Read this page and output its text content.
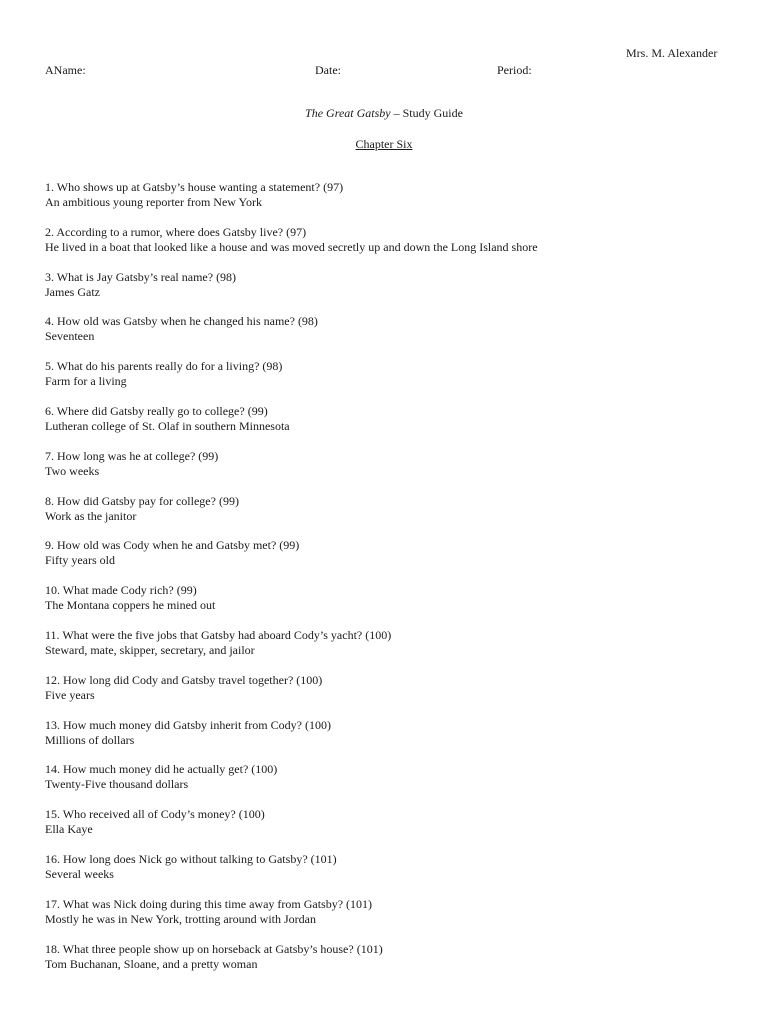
Mrs. M. Alexander
AName:	Date:	Period:
The Great Gatsby – Study Guide
Chapter Six
1. Who shows up at Gatsby’s house wanting a statement? (97)
An ambitious young reporter from New York
2. According to a rumor, where does Gatsby live? (97)
He lived in a boat that looked like a house and was moved secretly up and down the Long Island shore
3. What is Jay Gatsby’s real name? (98)
James Gatz
4. How old was Gatsby when he changed his name? (98)
Seventeen
5. What do his parents really do for a living? (98)
Farm for a living
6. Where did Gatsby really go to college? (99)
Lutheran college of St. Olaf in southern Minnesota
7. How long was he at college? (99)
Two weeks
8. How did Gatsby pay for college? (99)
Work as the janitor
9. How old was Cody when he and Gatsby met? (99)
Fifty years old
10. What made Cody rich? (99)
The Montana coppers he mined out
11. What were the five jobs that Gatsby had aboard Cody’s yacht? (100)
Steward, mate, skipper, secretary, and jailor
12. How long did Cody and Gatsby travel together? (100)
Five years
13. How much money did Gatsby inherit from Cody? (100)
Millions of dollars
14. How much money did he actually get? (100)
Twenty-Five thousand dollars
15. Who received all of Cody’s money? (100)
Ella Kaye
16. How long does Nick go without talking to Gatsby? (101)
Several weeks
17. What was Nick doing during this time away from Gatsby? (101)
Mostly he was in New York, trotting around with Jordan
18. What three people show up on horseback at Gatsby’s house? (101)
Tom Buchanan, Sloane, and a pretty woman
